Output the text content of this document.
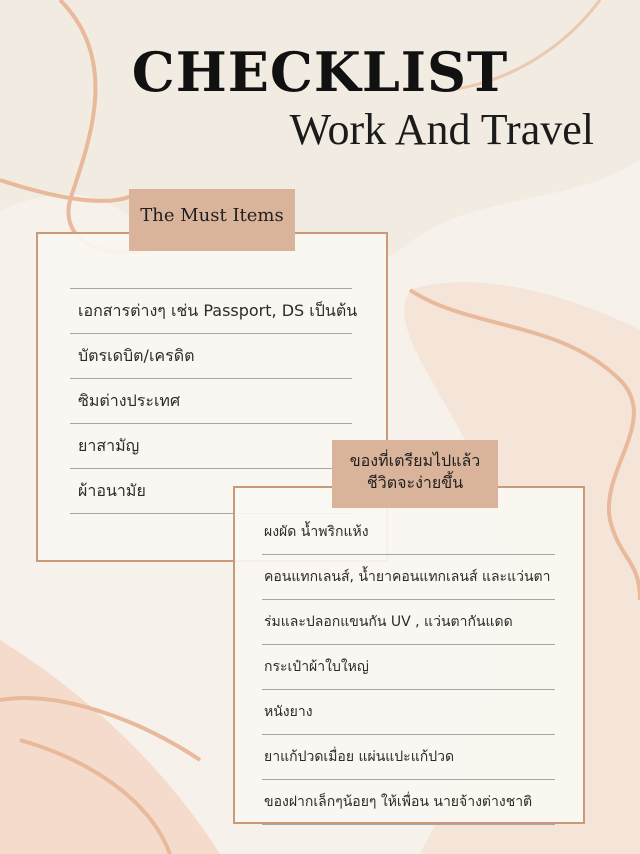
CHECKLIST
Work And Travel
The Must Items
เอกสารต่างๆ เช่น Passport, DS เป็นต้น
บัตรเดบิต/เครดิต
ซิมต่างประเทศ
ยาสามัญ
ผ้าอนามัย
ของที่เตรียมไปแล้ว
ชีวิตจะง่ายขึ้น
ผงผัด น้ำพริกแห้ง
คอนแทกเลนส์, น้ำยาคอนแทกเลนส์ และแว่นตา
ร่มและปลอกแขนกัน UV , แว่นตากันแดด
กระเป๋าผ้าใบใหญ่
หนังยาง
ยาแก้ปวดเมื่อย แผ่นแปะแก้ปวด
ของฝากเล็กๆน้อยๆ ให้เพื่อน นายจ้างต่างชาติ
